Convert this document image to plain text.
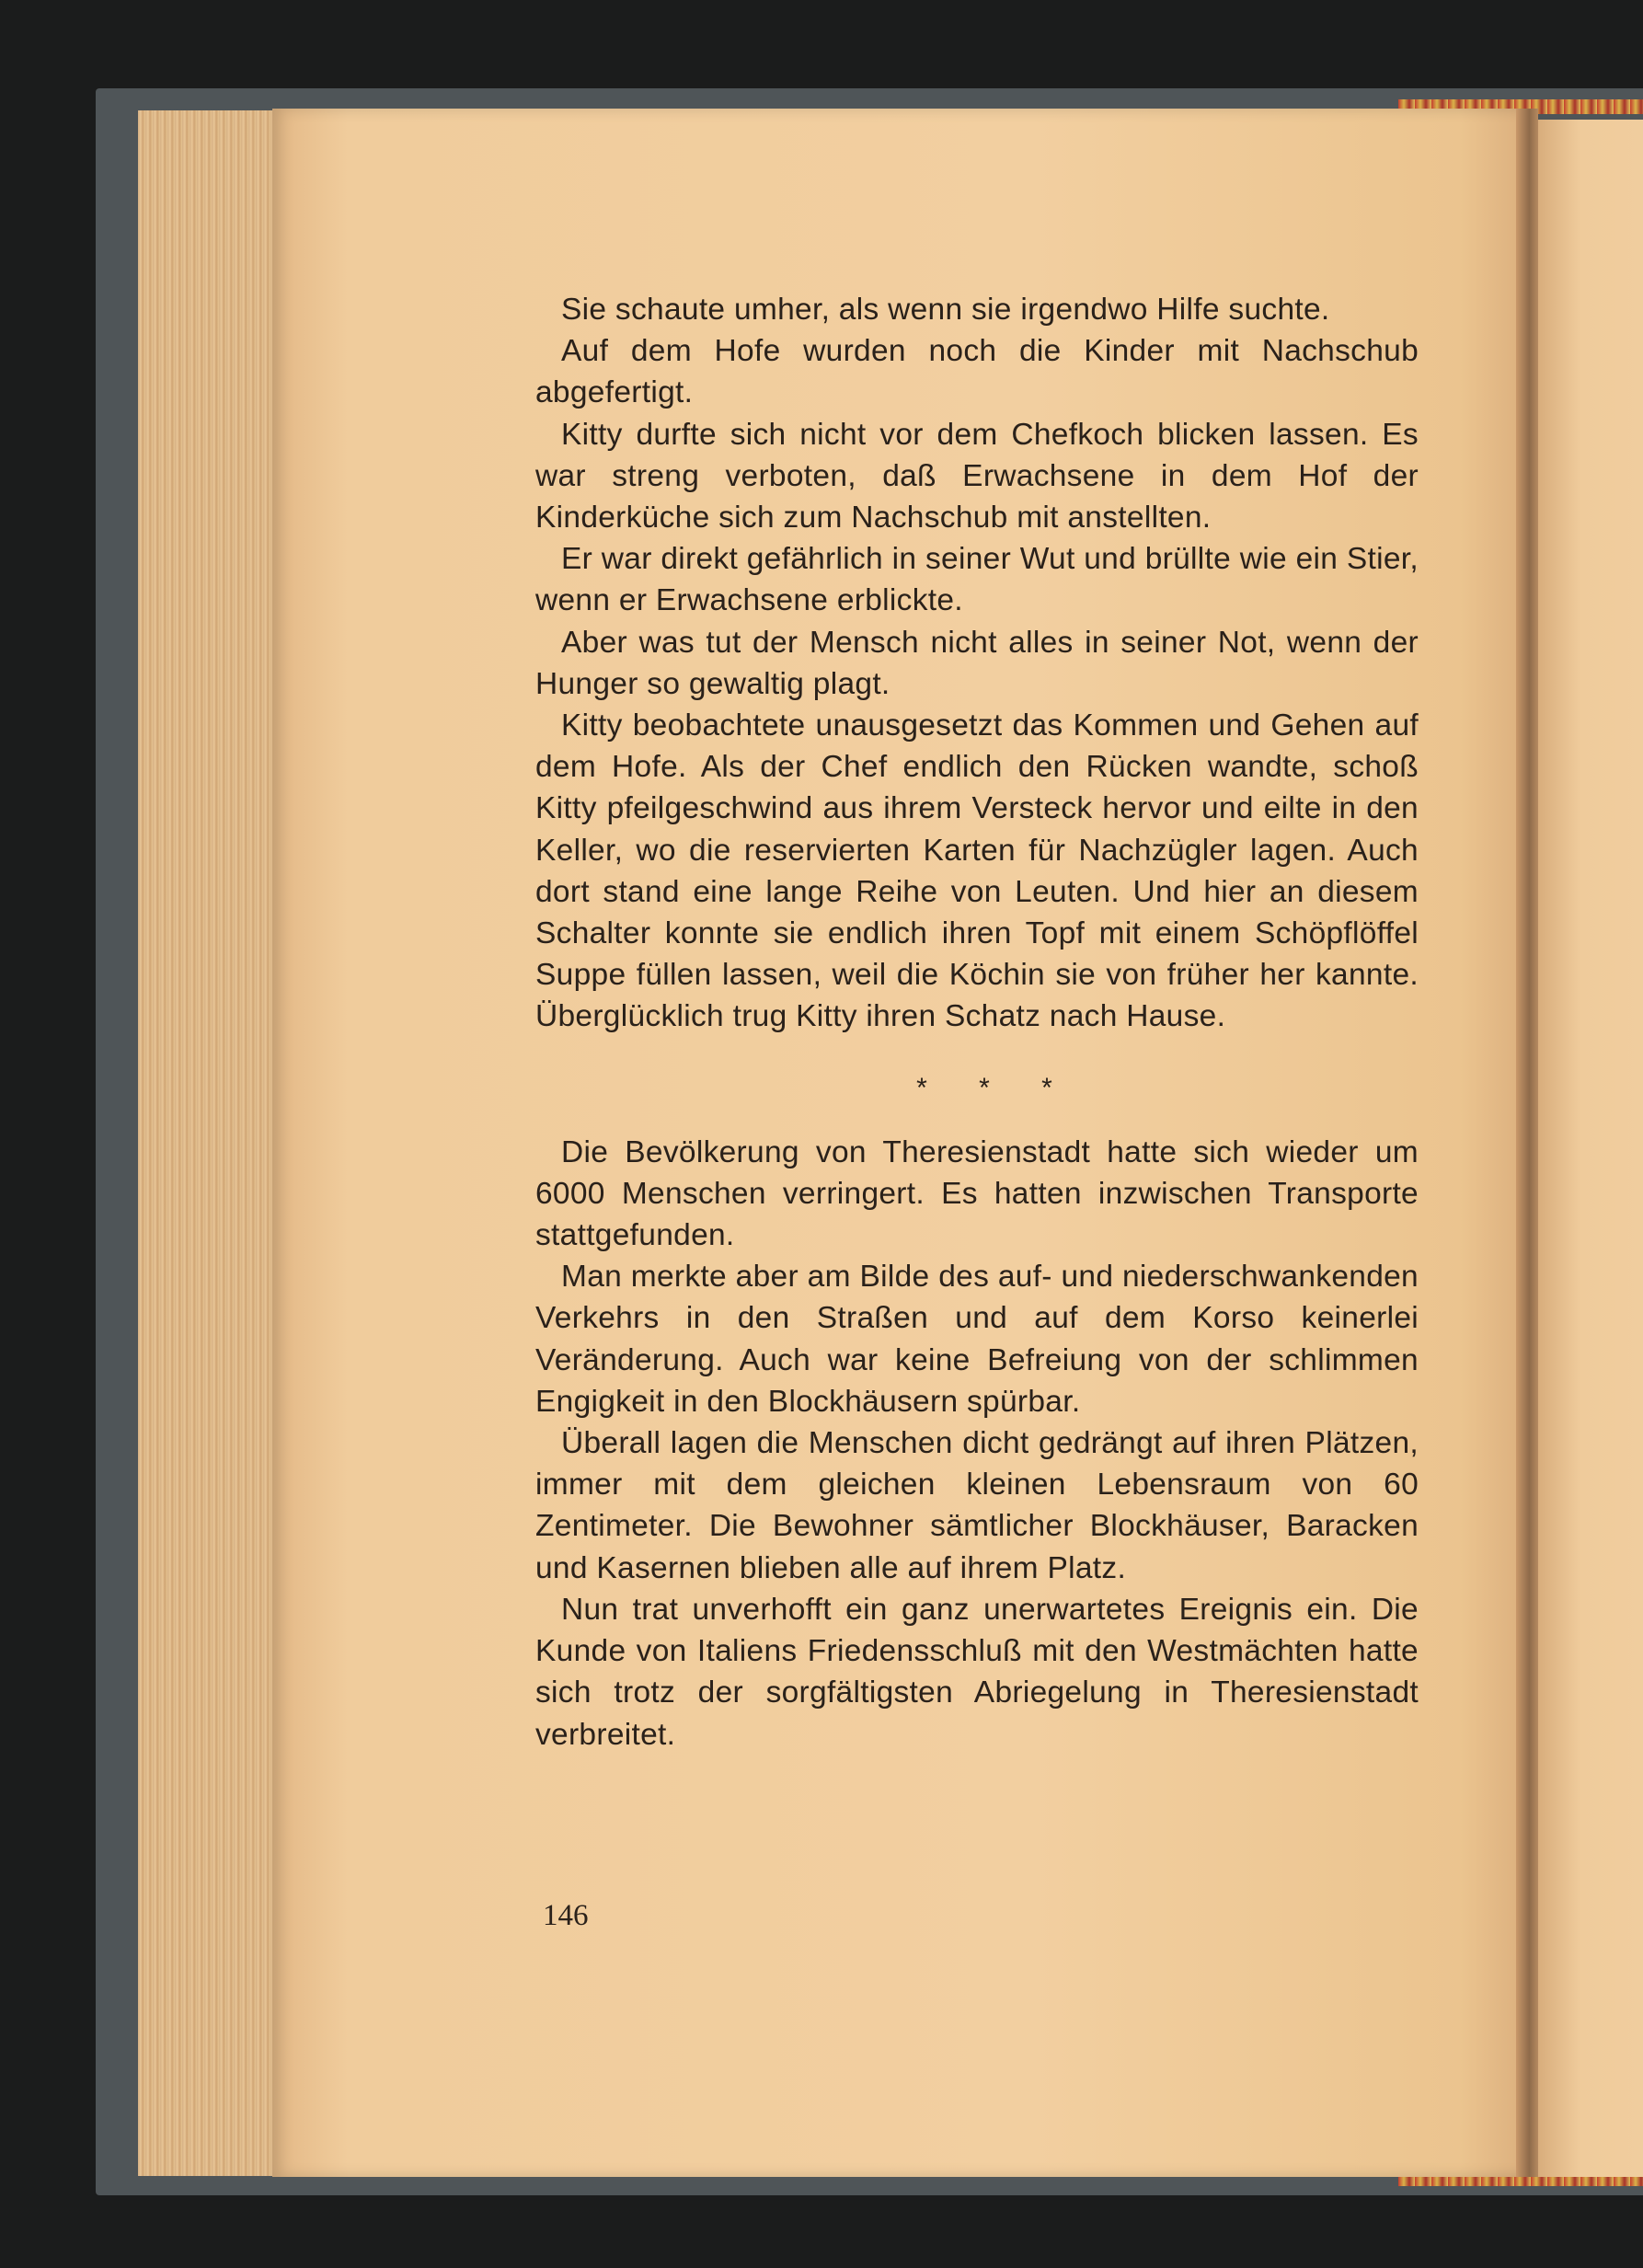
Sie schaute umher, als wenn sie irgendwo Hilfe suchte.

Auf dem Hofe wurden noch die Kinder mit Nachschub abgefertigt.

Kitty durfte sich nicht vor dem Chefkoch blicken lassen. Es war streng verboten, daß Erwachsene in dem Hof der Kinderküche sich zum Nachschub mit anstellten.

Er war direkt gefährlich in seiner Wut und brüllte wie ein Stier, wenn er Erwachsene erblickte.

Aber was tut der Mensch nicht alles in seiner Not, wenn der Hunger so gewaltig plagt.

Kitty beobachtete unausgesetzt das Kommen und Gehen auf dem Hofe. Als der Chef endlich den Rücken wandte, schoß Kitty pfeilgeschwind aus ihrem Versteck hervor und eilte in den Keller, wo die reservierten Karten für Nachzügler lagen. Auch dort stand eine lange Reihe von Leuten. Und hier an diesem Schalter konnte sie endlich ihren Topf mit einem Schöpflöffel Suppe füllen lassen, weil die Köchin sie von früher her kannte. Überglücklich trug Kitty ihren Schatz nach Hause.

* * *

Die Bevölkerung von Theresienstadt hatte sich wieder um 6000 Menschen verringert. Es hatten inzwischen Transporte stattgefunden.

Man merkte aber am Bilde des auf- und niederschwankenden Verkehrs in den Straßen und auf dem Korso keinerlei Veränderung. Auch war keine Befreiung von der schlimmen Engigkeit in den Blockhäusern spürbar.

Überall lagen die Menschen dicht gedrängt auf ihren Plätzen, immer mit dem gleichen kleinen Lebensraum von 60 Zentimeter. Die Bewohner sämtlicher Blockhäuser, Baracken und Kasernen blieben alle auf ihrem Platz.

Nun trat unverhofft ein ganz unerwartetes Ereignis ein. Die Kunde von Italiens Friedensschluß mit den Westmächten hatte sich trotz der sorgfältigsten Abriegelung in Theresienstadt verbreitet.

146
